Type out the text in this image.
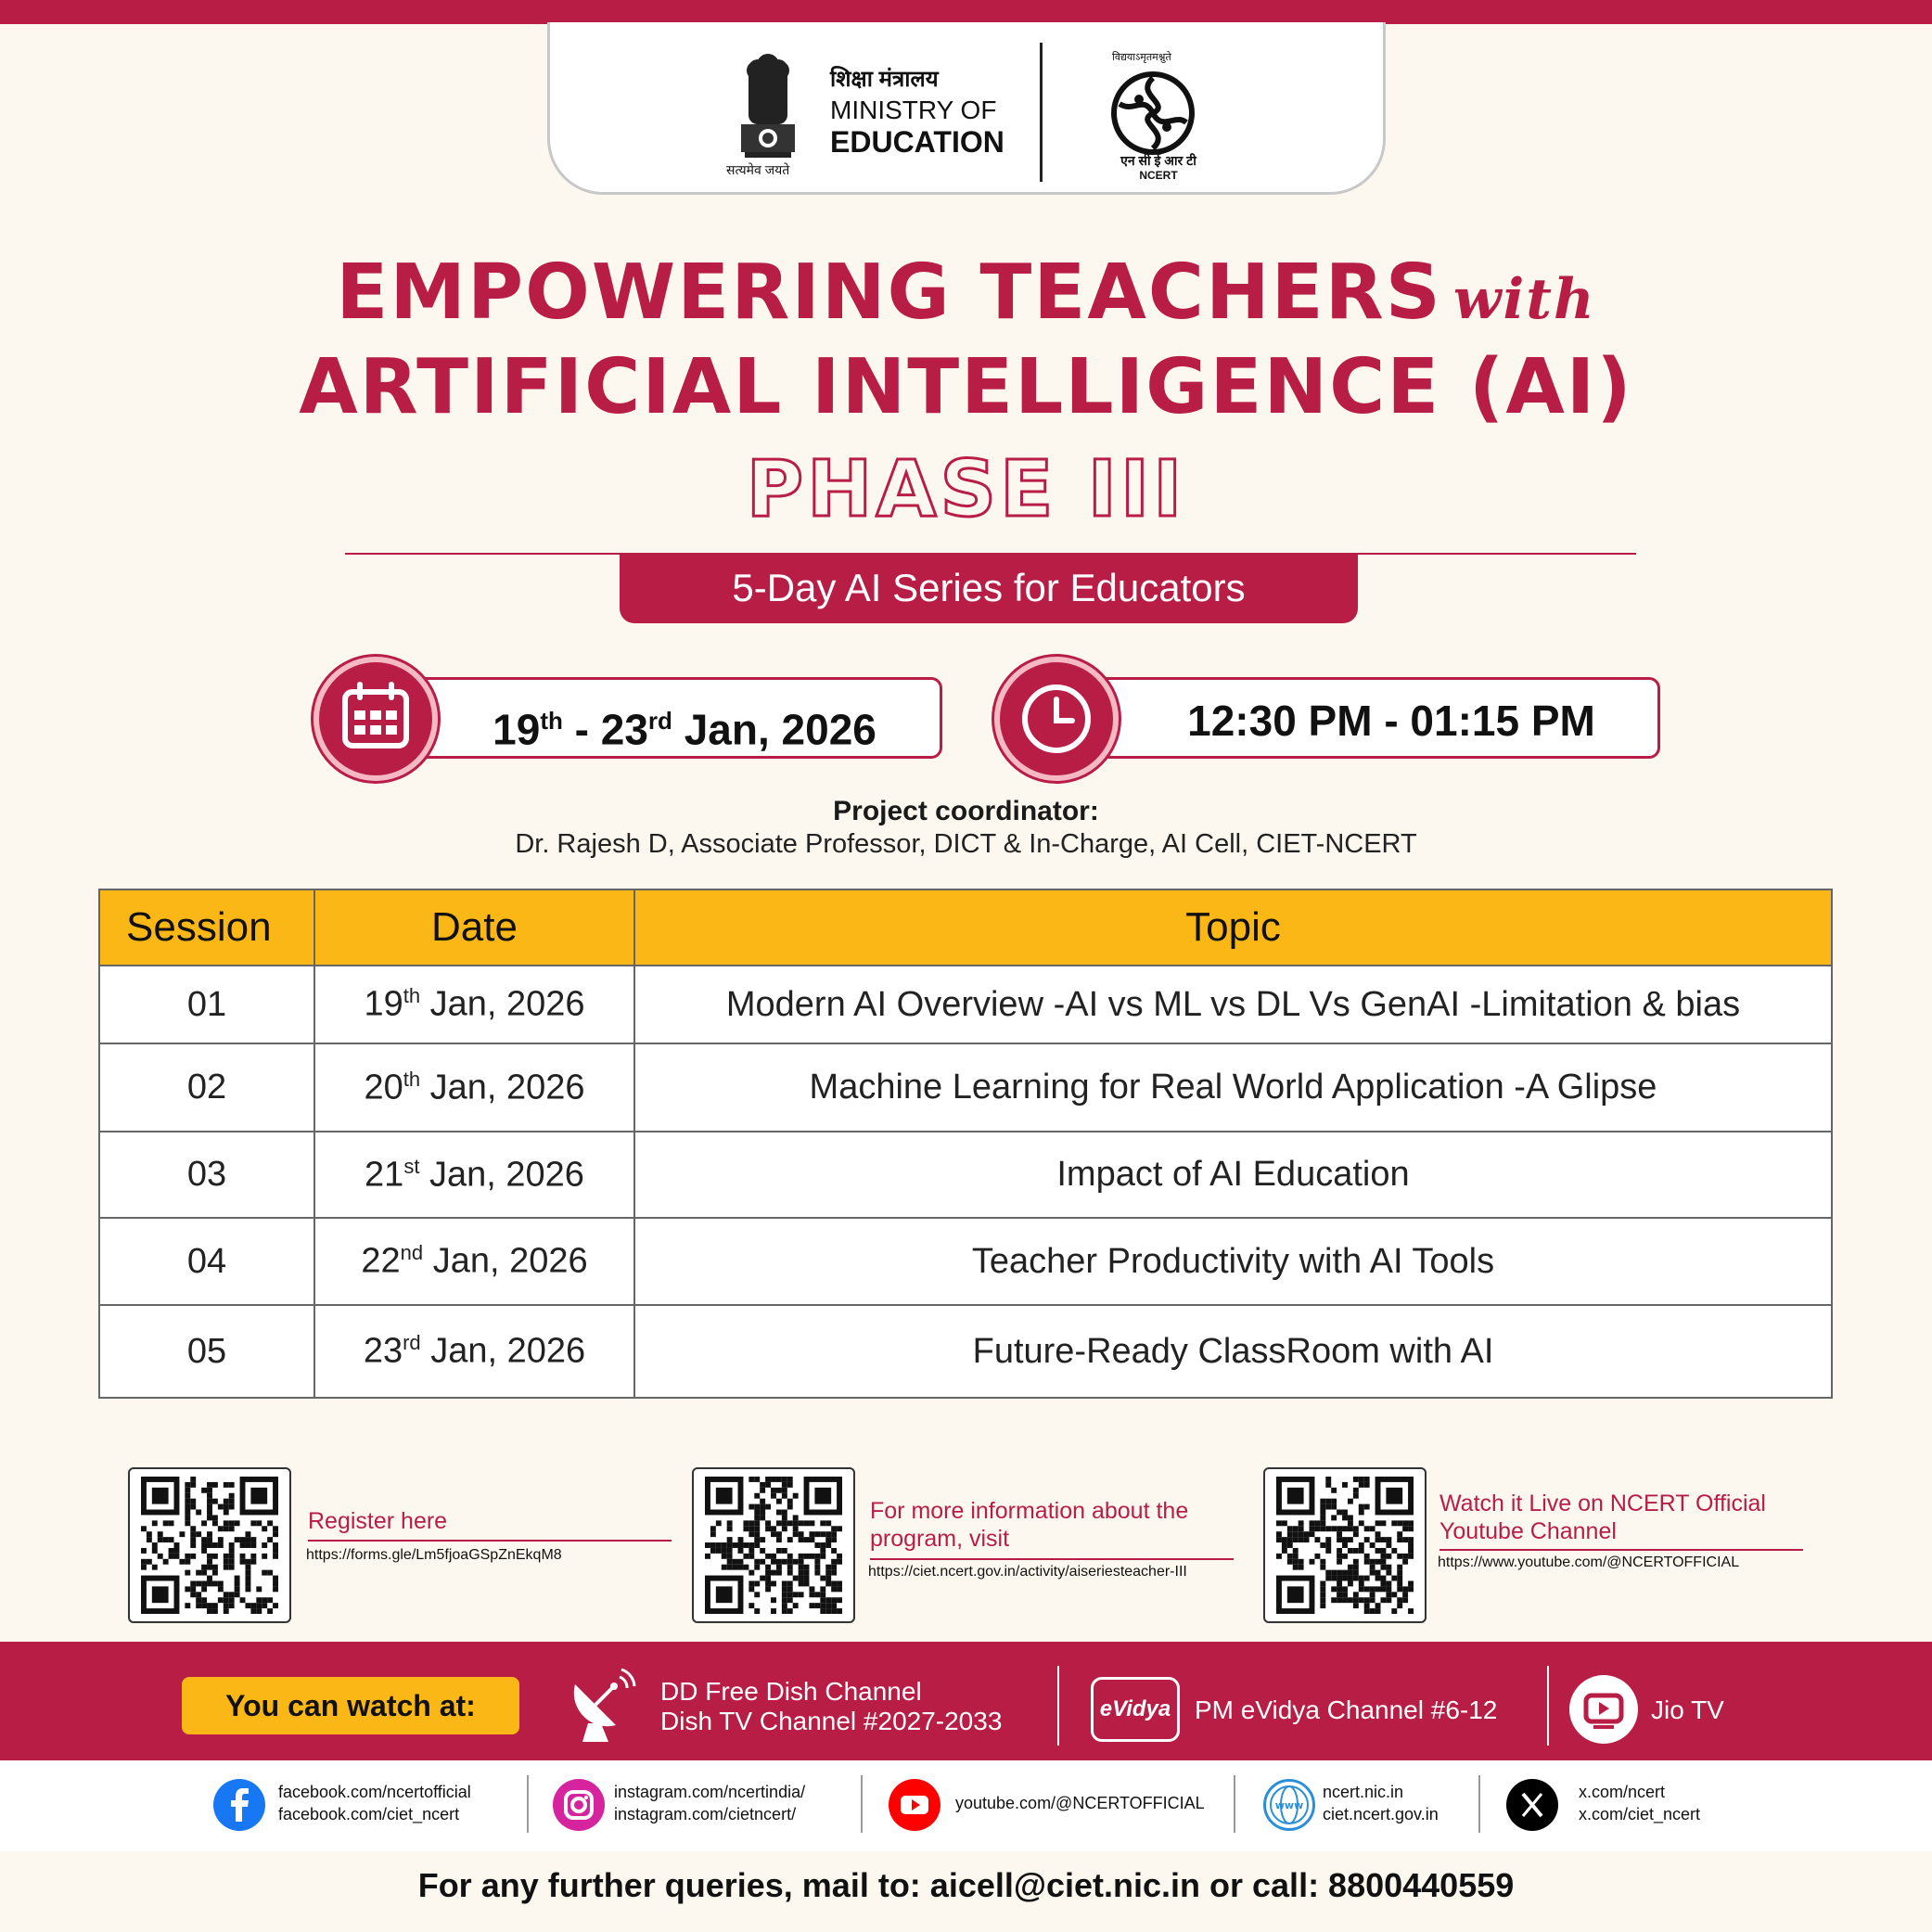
सत्यमेव जयते
शिक्षा मंत्रालय
MINISTRY OF
EDUCATION
विद्ययाऽमृतमश्नुते
एन सी ई आर टी
NCERT
EMPOWERING TEACHERS with
ARTIFICIAL INTELLIGENCE (AI)
PHASE III
5-Day AI Series for Educators
19th - 23rd Jan, 2026	12:30 PM - 01:15 PM
Project coordinator:
Dr. Rajesh D, Associate Professor, DICT & In-Charge, AI Cell, CIET-NCERT
Session	Date	Topic
01	19th Jan, 2026	Modern AI Overview -AI vs ML vs DL Vs GenAI -Limitation & bias
02	20th Jan, 2026	Machine Learning for Real World Application -A Glipse
03	21st Jan, 2026	Impact of AI Education
04	22nd Jan, 2026	Teacher Productivity with AI Tools
05	23rd Jan, 2026	Future-Ready ClassRoom with AI
Register here
https://forms.gle/Lm5fjoaGSpZnEkqM8
For more information about the
program, visit
https://ciet.ncert.gov.in/activity/aiseriesteacher-III
Watch it Live on NCERT Official
Youtube Channel
https://www.youtube.com/@NCERTOFFICIAL
You can watch at:	DD Free Dish Channel
Dish TV Channel #2027-2033	eVidya PM eVidya Channel #6-12	Jio TV
facebook.com/ncertofficial
facebook.com/ciet_ncert
instagram.com/ncertindia/
instagram.com/cietncert/
youtube.com/@NCERTOFFICIAL	www
ncert.nic.in
ciet.ncert.gov.in
x.com/ncert
x.com/ciet_ncert
For any further queries, mail to: aicell@ciet.nic.in or call: 8800440559
